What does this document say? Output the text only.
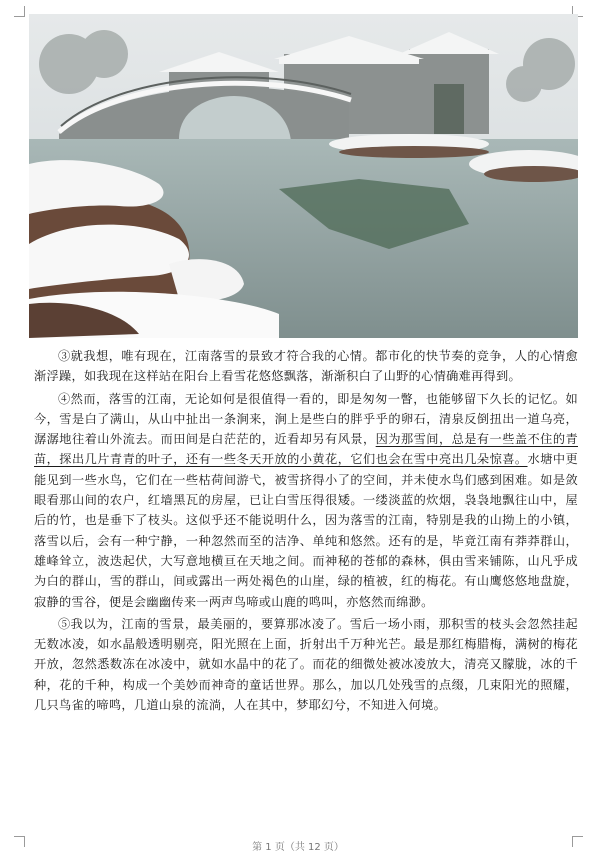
③就我想，唯有现在，江南落雪的景致才符合我的心情。都市化的快节奏的竞争，人的心情愈渐浮躁，如我现在这样站在阳台上看雪花悠悠飘落，渐渐积白了山野的心情确难再得到。

④然而，落雪的江南，无论如何是很值得一看的，即是匆匆一瞥，也能够留下久长的记忆。如今，雪是白了满山，从山中扯出一条涧来，涧上是些白的胖乎乎的卵石，清泉反倒扭出一道乌亮，潺潺地往着山外流去。而田间是白茫茫的，近看却另有风景，因为那雪间，总是有一些盖不住的青苗，探出几片青青的叶子，还有一些冬天开放的小黄花，它们也会在雪中亮出几朵惊喜。水塘中更能见到一些水鸟，它们在一些枯荷间游弋，被雪挤得小了的空间，并未使水鸟们感到困难。如是敛眼看那山间的农户，红墙黑瓦的房屋，已让白雪压得很矮。一缕淡蓝的炊烟，袅袅地飘往山中，屋后的竹，也是垂下了枝头。这似乎还不能说明什么，因为落雪的江南，特别是我的山拗上的小镇，落雪以后，会有一种宁静，一种忽然而至的洁净、单纯和悠然。还有的是，毕竟江南有莽莽群山，雄峰耸立，波迭起伏，大写意地横亘在天地之间。而神秘的苍郁的森林，俱由雪来铺陈，山凡乎成为白的群山，雪的群山，间或露出一两处褐色的山崖，绿的植被，红的梅花。有山鹰悠悠地盘旋，寂静的雪谷，便是会幽幽传来一两声鸟啼或山鹿的鸣叫，亦悠然而绵渺。

⑤我以为，江南的雪景，最美丽的，要算那冰凌了。雪后一场小雨，那积雪的枝头会忽然挂起无数冰凌，如水晶般透明剔亮，阳光照在上面，折射出千万种光芒。最是那红梅腊梅，满树的梅花开放，忽然悉数冻在冰凌中，就如水晶中的花了。而花的细微处被冰凌放大，清亮又朦胧，冰的千种，花的千种，构成一个美妙而神奇的童话世界。那么，加以几处残雪的点缀，几束阳光的照耀，几只鸟雀的啼鸣，几道山泉的流淌，人在其中，梦耶幻兮，不知进入何境。

第 1 页（共 12 页）
